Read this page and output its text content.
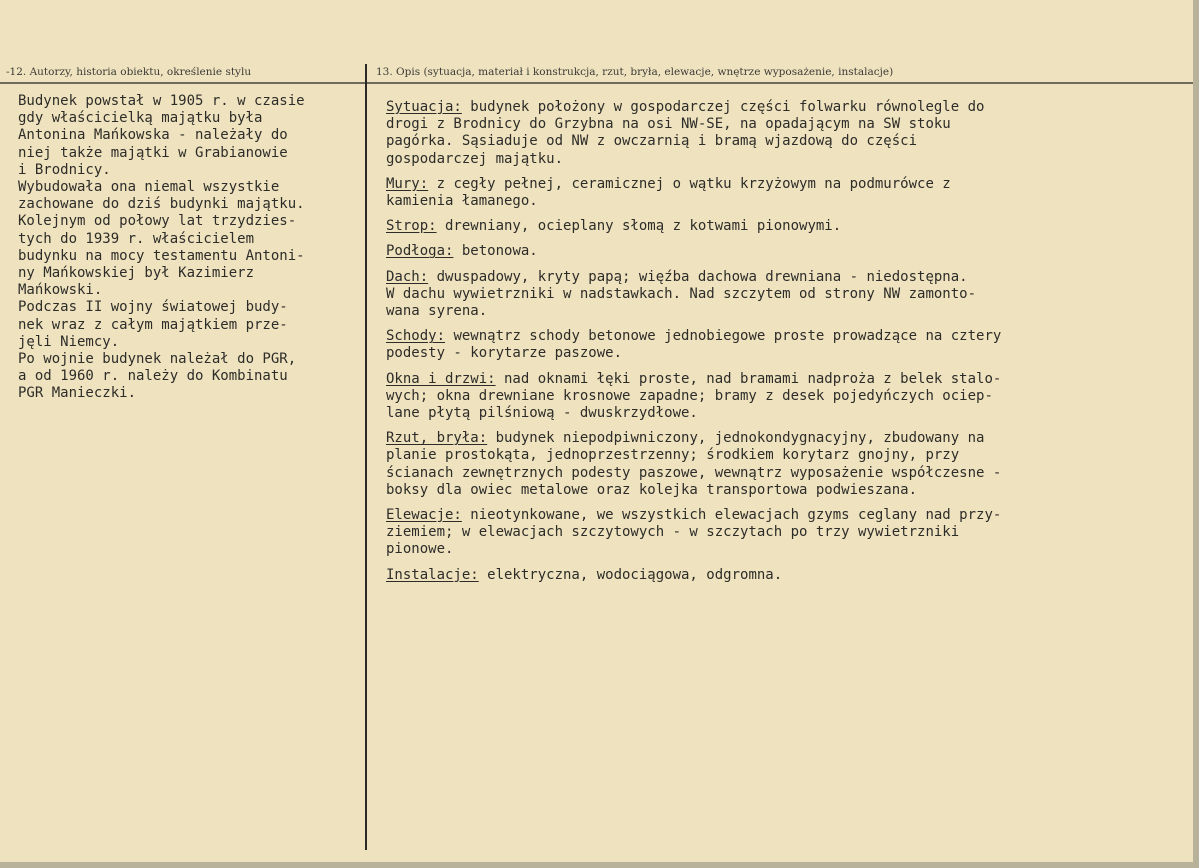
-12. Autorzy, historia obiektu, określenie stylu	13. Opis (sytuacja, materiał i konstrukcja, rzut, bryła, elewacje, wnętrze wyposażenie, instalacje)
Budynek powstał w 1905 r. w czasie
gdy właścicielką majątku była
Antonina Mańkowska - należały do
niej także majątki w Grabianowie
i Brodnicy.
Wybudowała ona niemal wszystkie
zachowane do dziś budynki majątku.
Kolejnym od połowy lat trzydzies-
tych do 1939 r. właścicielem
budynku na mocy testamentu Antoni-
ny Mańkowskiej był Kazimierz
Mańkowski.
Podczas II wojny światowej budy-
nek wraz z całym majątkiem prze-
jęli Niemcy.
Po wojnie budynek należał do PGR,
a od 1960 r. należy do Kombinatu
PGR Manieczki.
Sytuacja: budynek położony w gospodarczej części folwarku równolegle do
drogi z Brodnicy do Grzybna na osi NW-SE, na opadającym na SW stoku
pagórka. Sąsiaduje od NW z owczarnią i bramą wjazdową do części
gospodarczej majątku.
Mury: z cegły pełnej, ceramicznej o wątku krzyżowym na podmurówce z
kamienia łamanego.
Strop: drewniany, ocieplany słomą z kotwami pionowymi.
Podłoga: betonowa.
Dach: dwuspadowy, kryty papą; więźba dachowa drewniana - niedostępna.
W dachu wywietrzniki w nadstawkach. Nad szczytem od strony NW zamonto-
wana syrena.
Schody: wewnątrz schody betonowe jednobiegowe proste prowadzące na cztery
podesty - korytarze paszowe.
Okna i drzwi: nad oknami łęki proste, nad bramami nadproża z belek stalo-
wych; okna drewniane krosnowe zapadne; bramy z desek pojedyńczych ociep-
lane płytą pilśniową - dwuskrzydłowe.
Rzut, bryła: budynek niepodpiwniczony, jednokondygnacyjny, zbudowany na
planie prostokąta, jednoprzestrzenny; środkiem korytarz gnojny, przy
ścianach zewnętrznych podesty paszowe, wewnątrz wyposażenie współczesne -
boksy dla owiec metalowe oraz kolejka transportowa podwieszana.
Elewacje: nieotynkowane, we wszystkich elewacjach gzyms ceglany nad przy-
ziemiem; w elewacjach szczytowych - w szczytach po trzy wywietrzniki
pionowe.
Instalacje: elektryczna, wodociągowa, odgromna.
